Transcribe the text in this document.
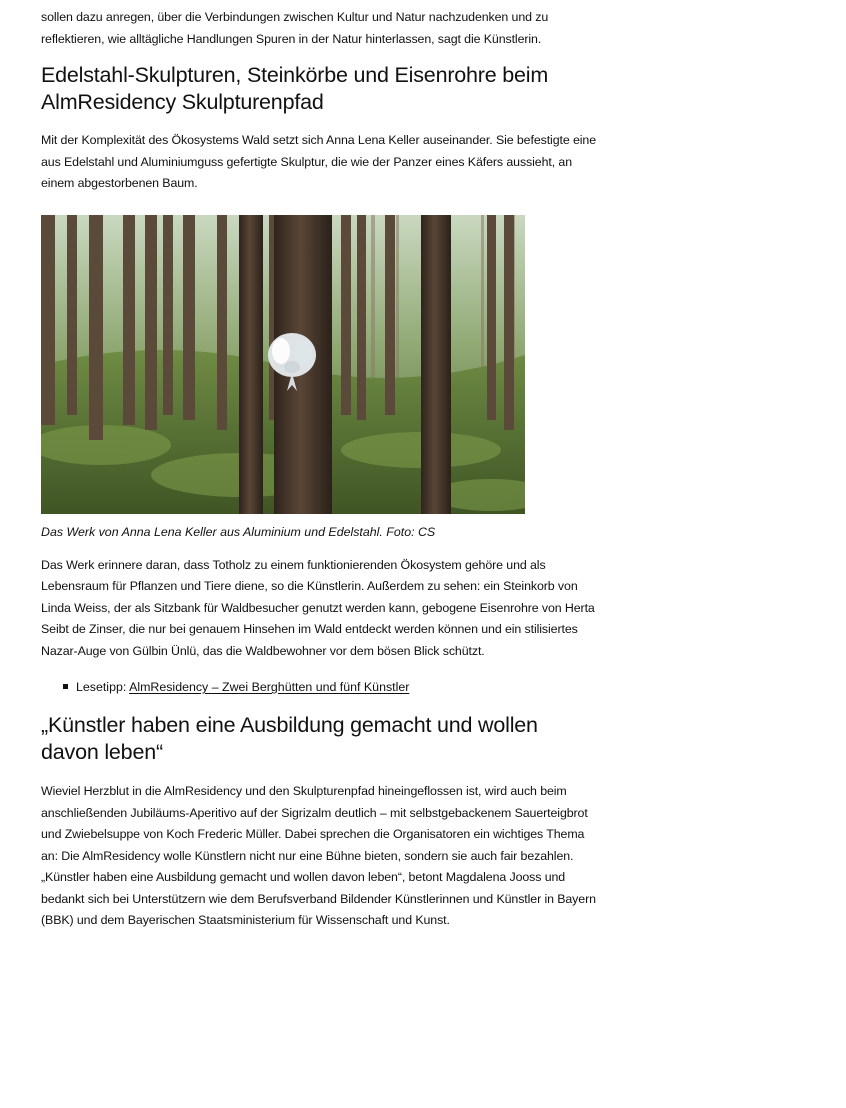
sollen dazu anregen, über die Verbindungen zwischen Kultur und Natur nachzudenken und zu reflektieren, wie alltägliche Handlungen Spuren in der Natur hinterlassen, sagt die Künstlerin.

Edelstahl-Skulpturen, Steinkörbe und Eisenrohre beim AlmResidency Skulpturenpfad

Mit der Komplexität des Ökosystems Wald setzt sich Anna Lena Keller auseinander. Sie befestigte eine aus Edelstahl und Aluminiumguss gefertigte Skulptur, die wie der Panzer eines Käfers aussieht, an einem abgestorbenen Baum.

Das Werk von Anna Lena Keller aus Aluminium und Edelstahl. Foto: CS

Das Werk erinnere daran, dass Totholz zu einem funktionierenden Ökosystem gehöre und als Lebensraum für Pflanzen und Tiere diene, so die Künstlerin. Außerdem zu sehen: ein Steinkorb von Linda Weiss, der als Sitzbank für Waldbesucher genutzt werden kann, gebogene Eisenrohre von Herta Seibt de Zinser, die nur bei genauem Hinsehen im Wald entdeckt werden können und ein stilisiertes Nazar-Auge von Gülbin Ünlü, das die Waldbewohner vor dem bösen Blick schützt.

Lesetipp: AlmResidency – Zwei Berghütten und fünf Künstler
„Künstler haben eine Ausbildung gemacht und wollen davon leben“

Wieviel Herzblut in die AlmResidency und den Skulpturenpfad hineingeflossen ist, wird auch beim anschließenden Jubiläums-Aperitivo auf der Sigrizalm deutlich – mit selbstgebackenem Sauerteigbrot und Zwiebelsuppe von Koch Frederic Müller. Dabei sprechen die Organisatoren ein wichtiges Thema an: Die AlmResidency wolle Künstlern nicht nur eine Bühne bieten, sondern sie auch fair bezahlen. „Künstler haben eine Ausbildung gemacht und wollen davon leben“, betont Magdalena Jooss und bedankt sich bei Unterstützern wie dem Berufsverband Bildender Künstlerinnen und Künstler in Bayern (BBK) und dem Bayerischen Staatsministerium für Wissenschaft und Kunst.
